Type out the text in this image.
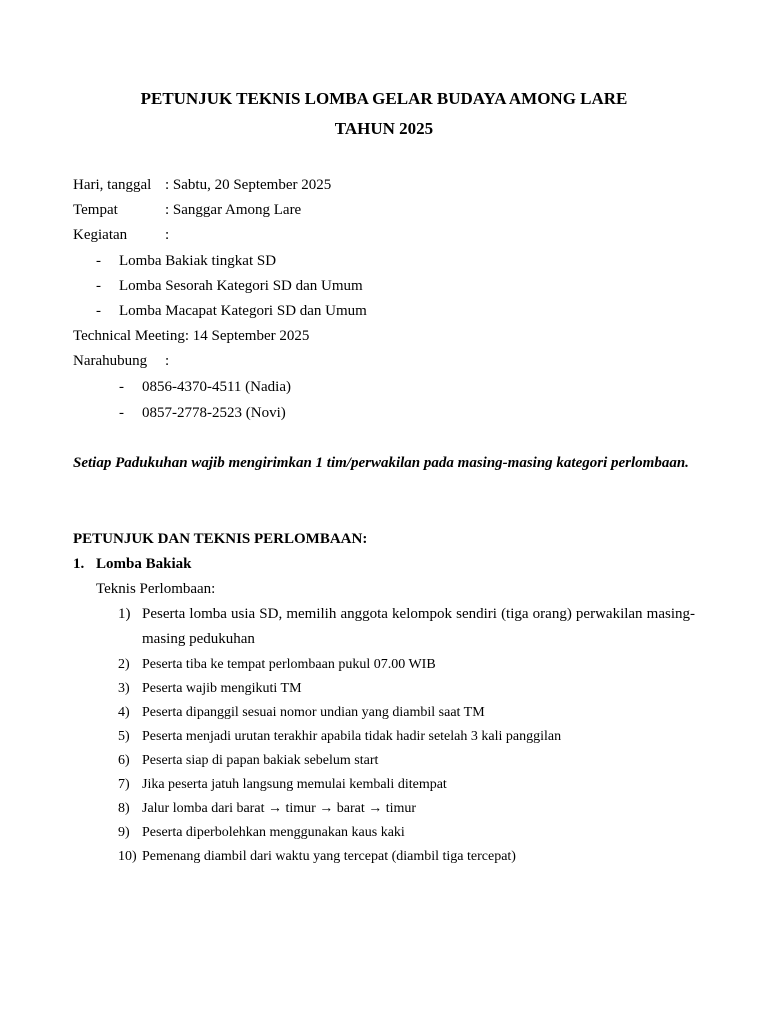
PETUNJUK TEKNIS LOMBA GELAR BUDAYA AMONG LARE
TAHUN 2025
Hari, tanggal : Sabtu, 20 September 2025
Tempat	: Sanggar Among Lare
Kegiatan	:
- Lomba Bakiak tingkat SD
- Lomba Sesorah Kategori SD dan Umum
- Lomba Macapat Kategori SD dan Umum
Technical Meeting: 14 September 2025
Narahubung :
- 0856-4370-4511 (Nadia)
- 0857-2778-2523 (Novi)
Setiap Padukuhan wajib mengirimkan 1 tim/perwakilan pada masing-masing kategori perlombaan.
PETUNJUK DAN TEKNIS PERLOMBAAN:
1. Lomba Bakiak
Teknis Perlombaan:
1) Peserta lomba usia SD, memilih anggota kelompok sendiri (tiga orang) perwakilan masing-masing pedukuhan
2) Peserta tiba ke tempat perlombaan pukul 07.00 WIB
3) Peserta wajib mengikuti TM
4) Peserta dipanggil sesuai nomor undian yang diambil saat TM
5) Peserta menjadi urutan terakhir apabila tidak hadir setelah 3 kali panggilan
6) Peserta siap di papan bakiak sebelum start
7) Jika peserta jatuh langsung memulai kembali ditempat
8) Jalur lomba dari barat → timur → barat → timur
9) Peserta diperbolehkan menggunakan kaus kaki
10) Pemenang diambil dari waktu yang tercepat (diambil tiga tercepat)
